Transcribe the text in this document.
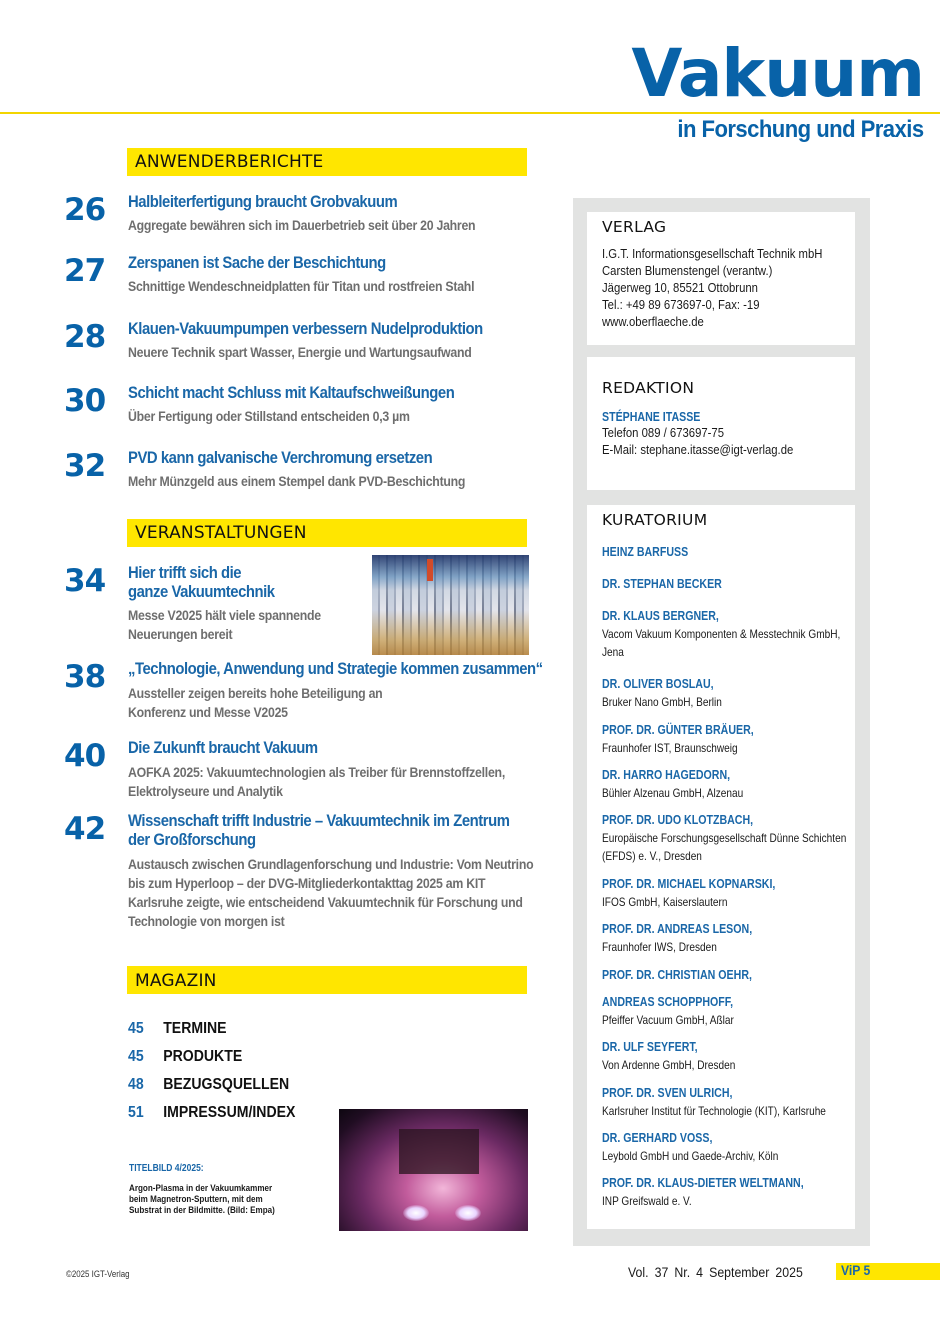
Vakuum
in Forschung und Praxis
ANWENDERBERICHTE
26 Halbleiterfertigung braucht Grobvakuum
Aggregate bewähren sich im Dauerbetrieb seit über 20 Jahren
27 Zerspanen ist Sache der Beschichtung
Schnittige Wendeschneidplatten für Titan und rostfreien Stahl
28 Klauen-Vakuumpumpen verbessern Nudelproduktion
Neuere Technik spart Wasser, Energie und Wartungsaufwand
30 Schicht macht Schluss mit Kaltaufschweißungen
Über Fertigung oder Stillstand entscheiden 0,3 µm
32 PVD kann galvanische Verchromung ersetzen
Mehr Münzgeld aus einem Stempel dank PVD-Beschichtung
VERANSTALTUNGEN
34 Hier trifft sich die
ganze Vakuumtechnik
Messe V2025 hält viele spannende
Neuerungen bereit
38 „Technologie, Anwendung und Strategie kommen zusammen“
Aussteller zeigen bereits hohe Beteiligung an
Konferenz und Messe V2025
40 Die Zukunft braucht Vakuum
AOFKA 2025: Vakuumtechnologien als Treiber für Brennstoffzellen,
Elektrolyseure und Analytik
42 Wissenschaft trifft Industrie – Vakuumtechnik im Zentrum
der Großforschung
Austausch zwischen Grundlagenforschung und Industrie: Vom Neutrino
bis zum Hyperloop – der DVG-Mitgliederkontakttag 2025 am KIT
Karlsruhe zeigte, wie entscheidend Vakuumtechnik für Forschung und
Technologie von morgen ist
MAGAZIN
45 TERMINE
45 PRODUKTE
48 BEZUGSQUELLEN
51 IMPRESSUM/INDEX
TITELBILD 4/2025:
Argon-Plasma in der Vakuumkammer
beim Magnetron-Sputtern, mit dem
Substrat in der Bildmitte. (Bild: Empa)
VERLAG
I.G.T. Informationsgesellschaft Technik mbH
Carsten Blumenstengel (verantw.)
Jägerweg 10, 85521 Ottobrunn
Tel.: +49 89 673697-0, Fax: -19
www.oberflaeche.de
REDAKTION
STÉPHANE ITASSE
Telefon 089 / 673697-75
E-Mail: stephane.itasse@igt-verlag.de
KURATORIUM
HEINZ BARFUSS
DR. STEPHAN BECKER
DR. KLAUS BERGNER,
Vacom Vakuum Komponenten & Messtechnik GmbH,
Jena
DR. OLIVER BOSLAU,
Bruker Nano GmbH, Berlin
PROF. DR. GÜNTER BRÄUER,
Fraunhofer IST, Braunschweig
DR. HARRO HAGEDORN,
Bühler Alzenau GmbH, Alzenau
PROF. DR. UDO KLOTZBACH,
Europäische Forschungsgesellschaft Dünne Schichten
(EFDS) e. V., Dresden
PROF. DR. MICHAEL KOPNARSKI,
IFOS GmbH, Kaiserslautern
PROF. DR. ANDREAS LESON,
Fraunhofer IWS, Dresden
PROF. DR. CHRISTIAN OEHR,
ANDREAS SCHOPPHOFF,
Pfeiffer Vacuum GmbH, Aßlar
DR. ULF SEYFERT,
Von Ardenne GmbH, Dresden
PROF. DR. SVEN ULRICH,
Karlsruher Institut für Technologie (KIT), Karlsruhe
DR. GERHARD VOSS,
Leybold GmbH und Gaede-Archiv, Köln
PROF. DR. KLAUS-DIETER WELTMANN,
INP Greifswald e. V.
©2025 IGT-Verlag	Vol. 37 Nr. 4 September 2025	ViP 5
